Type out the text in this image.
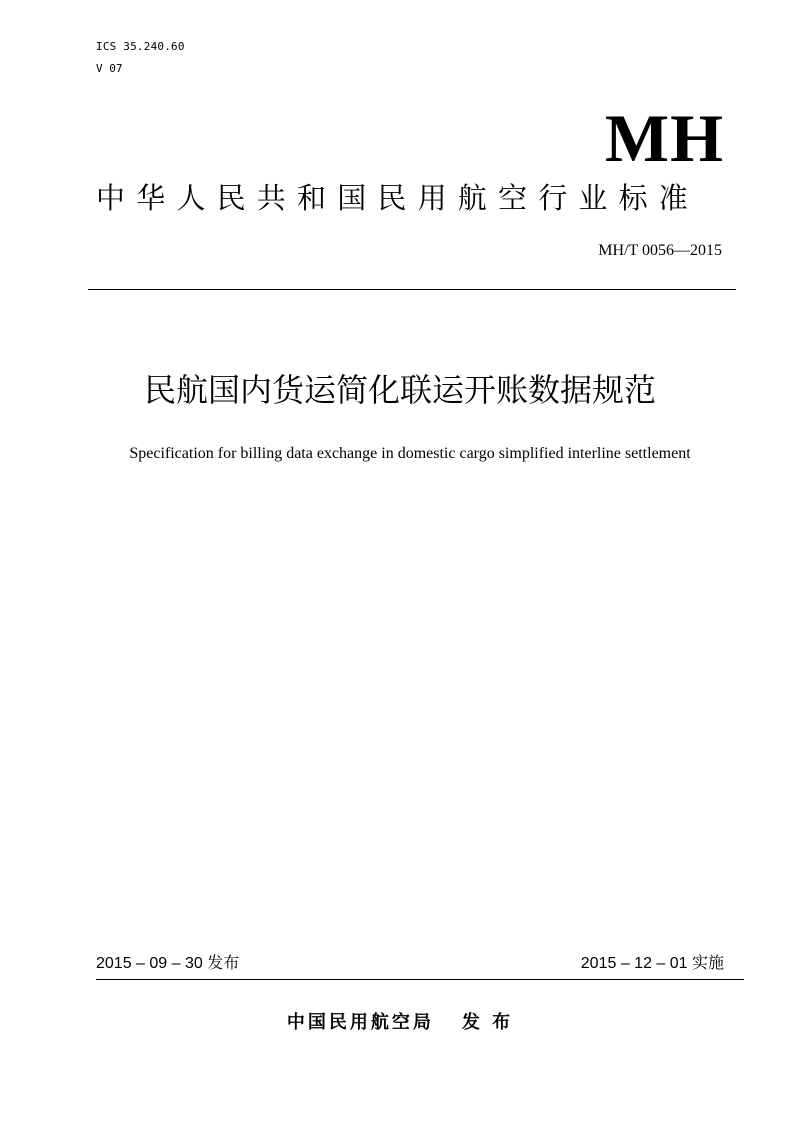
ICS 35.240.60
V 07
MH
中华人民共和国民用航空行业标准
MH/T 0056—2015
民航国内货运简化联运开账数据规范
Specification for billing data exchange in domestic cargo simplified interline settlement
2015 – 09 – 30 发布	2015 – 12 – 01 实施
中国民用航空局 发 布
